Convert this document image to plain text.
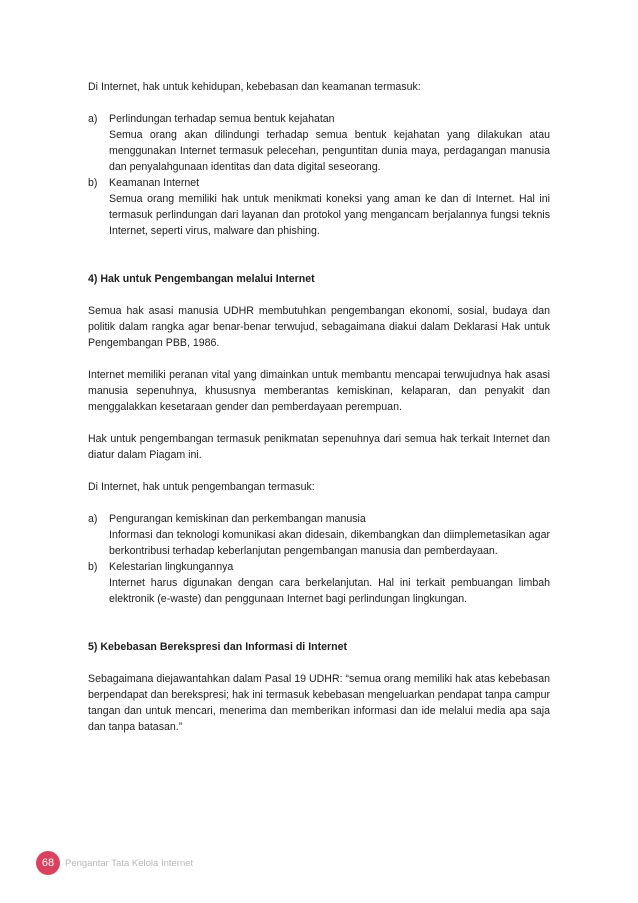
Di Internet, hak untuk kehidupan, kebebasan dan keamanan termasuk:

a) Perlindungan terhadap semua bentuk kejahatan
Semua orang akan dilindungi terhadap semua bentuk kejahatan yang dilakukan atau menggunakan Internet termasuk pelecehan, penguntitan dunia maya, perdagangan manusia dan penyalahgunaan identitas dan data digital seseorang.
b) Keamanan Internet
Semua orang memiliki hak untuk menikmati koneksi yang aman ke dan di Internet. Hal ini termasuk perlindungan dari layanan dan protokol yang mengancam berjalannya fungsi teknis Internet, seperti virus, malware dan phishing.
4) Hak untuk Pengembangan melalui Internet

Semua hak asasi manusia UDHR membutuhkan pengembangan ekonomi, sosial, budaya dan politik dalam rangka agar benar-benar terwujud, sebagaimana diakui dalam Deklarasi Hak untuk Pengembangan PBB, 1986.

Internet memiliki peranan vital yang dimainkan untuk membantu mencapai terwujudnya hak asasi manusia sepenuhnya, khususnya memberantas kemiskinan, kelaparan, dan penyakit dan menggalakkan kesetaraan gender dan pemberdayaan perempuan.

Hak untuk pengembangan termasuk penikmatan sepenuhnya dari semua hak terkait Internet dan diatur dalam Piagam ini.

Di Internet, hak untuk pengembangan termasuk:

a) Pengurangan kemiskinan dan perkembangan manusia
Informasi dan teknologi komunikasi akan didesain, dikembangkan dan diimplemetasikan agar berkontribusi terhadap keberlanjutan pengembangan manusia dan pemberdayaan.
b) Kelestarian lingkungannya
Internet harus digunakan dengan cara berkelanjutan. Hal ini terkait pembuangan limbah elektronik (e-waste) dan penggunaan Internet bagi perlindungan lingkungan.
5) Kebebasan Berekspresi dan Informasi di Internet

Sebagaimana diejawantahkan dalam Pasal 19 UDHR: “semua orang memiliki hak atas kebebasan berpendapat dan berekspresi; hak ini termasuk kebebasan mengeluarkan pendapat tanpa campur tangan dan untuk mencari, menerima dan memberikan informasi dan ide melalui media apa saja dan tanpa batasan.”

68	Pengantar Tata Kelola Internet
